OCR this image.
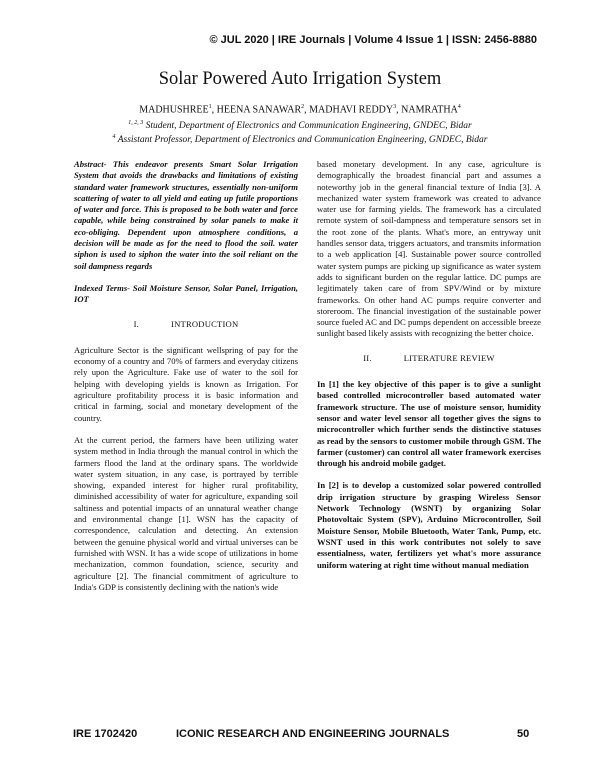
© JUL 2020 | IRE Journals | Volume 4 Issue 1 | ISSN: 2456-8880
Solar Powered Auto Irrigation System
MADHUSHREE$^1$, HEENA SANAWAR$^2$, MADHAVI REDDY$^3$, NAMRATHA$^4$
$^{1, 2, 3}$ Student, Department of Electronics and Communication Engineering, GNDEC, Bidar
$^4$ Assistant Professor, Department of Electronics and Communication Engineering, GNDEC, Bidar

Abstract- This endeavor presents Smart Solar Irrigation System that avoids the drawbacks and limitations of existing standard water framework structures, essentially non-uniform scattering of water to all yield and eating up futile proportions of water and force. This is proposed to be both water and force capable, while being constrained by solar panels to make it eco-obliging. Dependent upon atmosphere conditions, a decision will be made as for the need to flood the soil. water siphon is used to siphon the water into the soil reliant on the soil dampness regards

Indexed Terms- Soil Moisture Sensor, Solar Panel, Irrigation, IOT

I.	INTRODUCTION

Agriculture Sector is the significant wellspring of pay for the economy of a country and 70% of farmers and everyday citizens rely upon the Agriculture. Fake use of water to the soil for helping with developing yields is known as Irrigation. For agriculture profitability process it is basic information and critical in farming, social and monetary development of the country.

At the current period, the farmers have been utilizing water system method in India through the manual control in which the farmers flood the land at the ordinary spans. The worldwide water system situation, in any case, is portrayed by terrible showing, expanded interest for higher rural profitability, diminished accessibility of water for agriculture, expanding soil saltiness and potential impacts of an unnatural weather change and environmental change [1]. WSN has the capacity of correspondence, calculation and detecting. An extension between the genuine physical world and virtual universes can be furnished with WSN. It has a wide scope of utilizations in home mechanization, common foundation, science, security and agriculture [2]. The financial commitment of agriculture to India's GDP is consistently declining with the nation's wide

based monetary development. In any case, agriculture is demographically the broadest financial part and assumes a noteworthy job in the general financial texture of India [3]. A mechanized water system framework was created to advance water use for farming yields. The framework has a circulated remote system of soil-dampness and temperature sensors set in the root zone of the plants. What's more, an entryway unit handles sensor data, triggers actuators, and transmits information to a web application [4]. Sustainable power source controlled water system pumps are picking up significance as water system adds to significant burden on the regular lattice. DC pumps are legitimately taken care of from SPV/Wind or by mixture frameworks. On other hand AC pumps require converter and storeroom. The financial investigation of the sustainable power source fueled AC and DC pumps dependent on accessible breeze sunlight based likely assists with recognizing the better choice.

II.	LITERATURE REVIEW

In [1] the key objective of this paper is to give a sunlight based controlled microcontroller based automated water framework structure. The use of moisture sensor, humidity sensor and water level sensor all together gives the signs to microcontroller which further sends the distinctive statuses as read by the sensors to customer mobile through GSM. The farmer (customer) can control all water framework exercises through his android mobile gadget.

In [2] is to develop a customized solar powered controlled drip irrigation structure by grasping Wireless Sensor Network Technology (WSNT) by organizing Solar Photovoltaic System (SPV), Arduino Microcontroller, Soil Moisture Sensor, Mobile Bluetooth, Water Tank, Pump, etc. WSNT used in this work contributes not solely to save essentialness, water, fertilizers yet what's more assurance uniform watering at right time without manual mediation

IRE 1702420	ICONIC RESEARCH AND ENGINEERING JOURNALS	50
